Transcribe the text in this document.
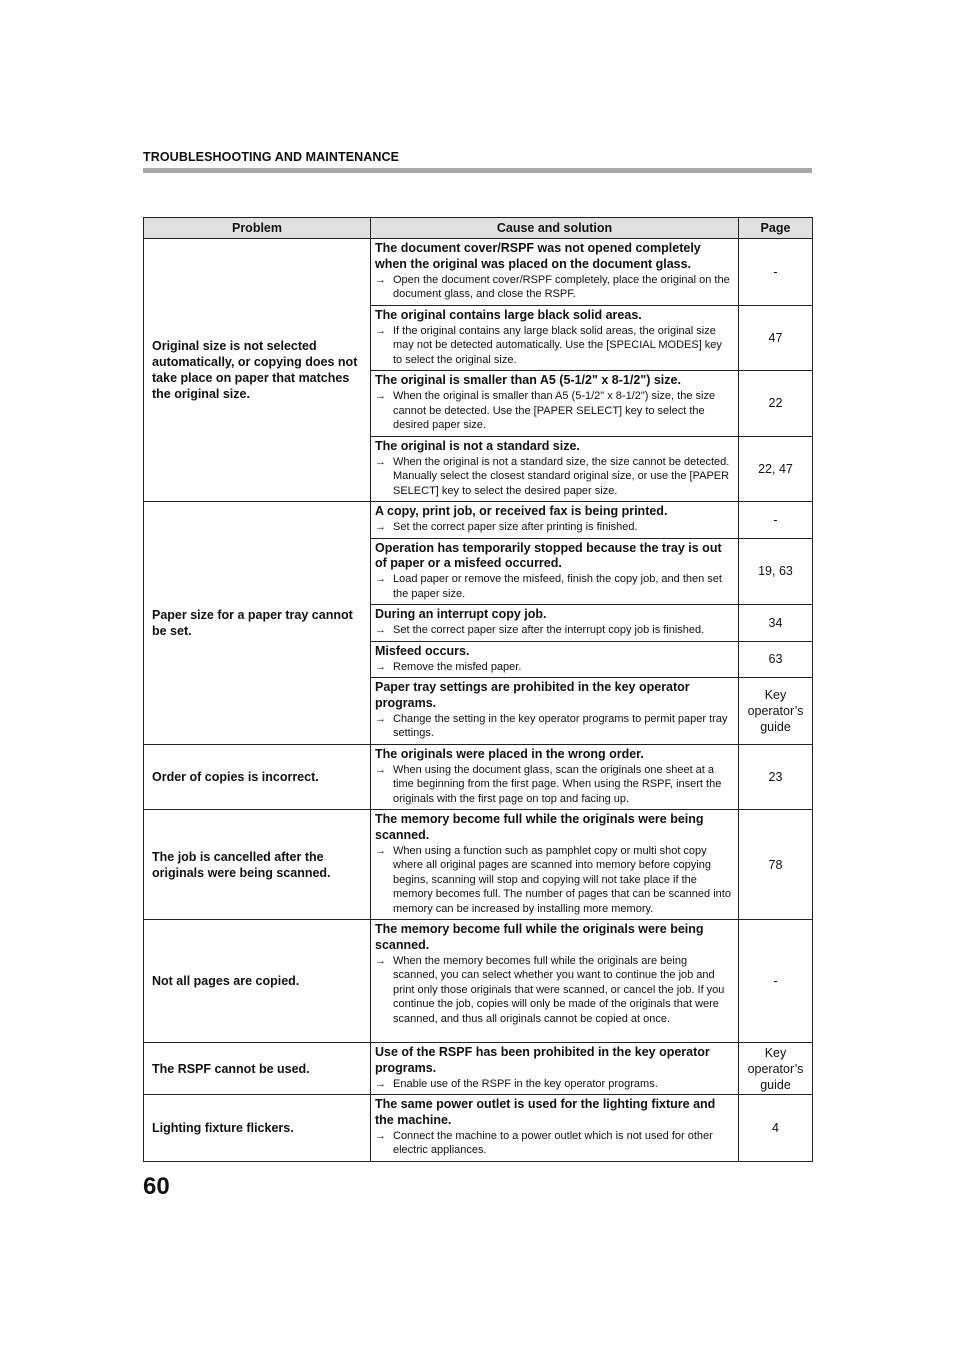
TROUBLESHOOTING AND MAINTENANCE
Problem	Cause and solution	Page
Original size is not selected automatically, or copying does not take place on paper that matches the original size.	The document cover/RSPF was not opened completely when the original was placed on the document glass.
→ Open the document cover/RSPF completely, place the original on the document glass, and close the RSPF.	-

	The original contains large black solid areas.
→ If the original contains any large black solid areas, the original size may not be detected automatically. Use the [SPECIAL MODES] key to select the original size.	47

	The original is smaller than A5 (5-1/2" x 8-1/2") size.
→ When the original is smaller than A5 (5-1/2" x 8-1/2") size, the size cannot be detected. Use the [PAPER SELECT] key to select the desired paper size.	22

	The original is not a standard size.
→ When the original is not a standard size, the size cannot be detected. Manually select the closest standard original size, or use the [PAPER SELECT] key to select the desired paper size.	22, 47
Paper size for a paper tray cannot be set.	A copy, print job, or received fax is being printed.
→ Set the correct paper size after printing is finished.	-

	Operation has temporarily stopped because the tray is out of paper or a misfeed occurred.
→ Load paper or remove the misfeed, finish the copy job, and then set the paper size.	19, 63

	During an interrupt copy job.
→ Set the correct paper size after the interrupt copy job is finished.	34

	Misfeed occurs.
→ Remove the misfed paper.	63

	Paper tray settings are prohibited in the key operator programs.
→ Change the setting in the key operator programs to permit paper tray settings.	Key operator’s guide
Order of copies is incorrect.	The originals were placed in the wrong order.
→ When using the document glass, scan the originals one sheet at a time beginning from the first page. When using the RSPF, insert the originals with the first page on top and facing up.	23
The job is cancelled after the originals were being scanned.	The memory become full while the originals were being scanned.
→ When using a function such as pamphlet copy or multi shot copy where all original pages are scanned into memory before copying begins, scanning will stop and copying will not take place if the memory becomes full. The number of pages that can be scanned into memory can be increased by installing more memory.	78
Not all pages are copied.	The memory become full while the originals were being scanned.
→ When the memory becomes full while the originals are being scanned, you can select whether you want to continue the job and print only those originals that were scanned, or cancel the job. If you continue the job, copies will only be made of the originals that were scanned, and thus all originals cannot be copied at once.	-
The RSPF cannot be used.	Use of the RSPF has been prohibited in the key operator programs.
→ Enable use of the RSPF in the key operator programs.	Key operator’s guide
Lighting fixture flickers.	The same power outlet is used for the lighting fixture and the machine.
→ Connect the machine to a power outlet which is not used for other electric appliances.	4
60
